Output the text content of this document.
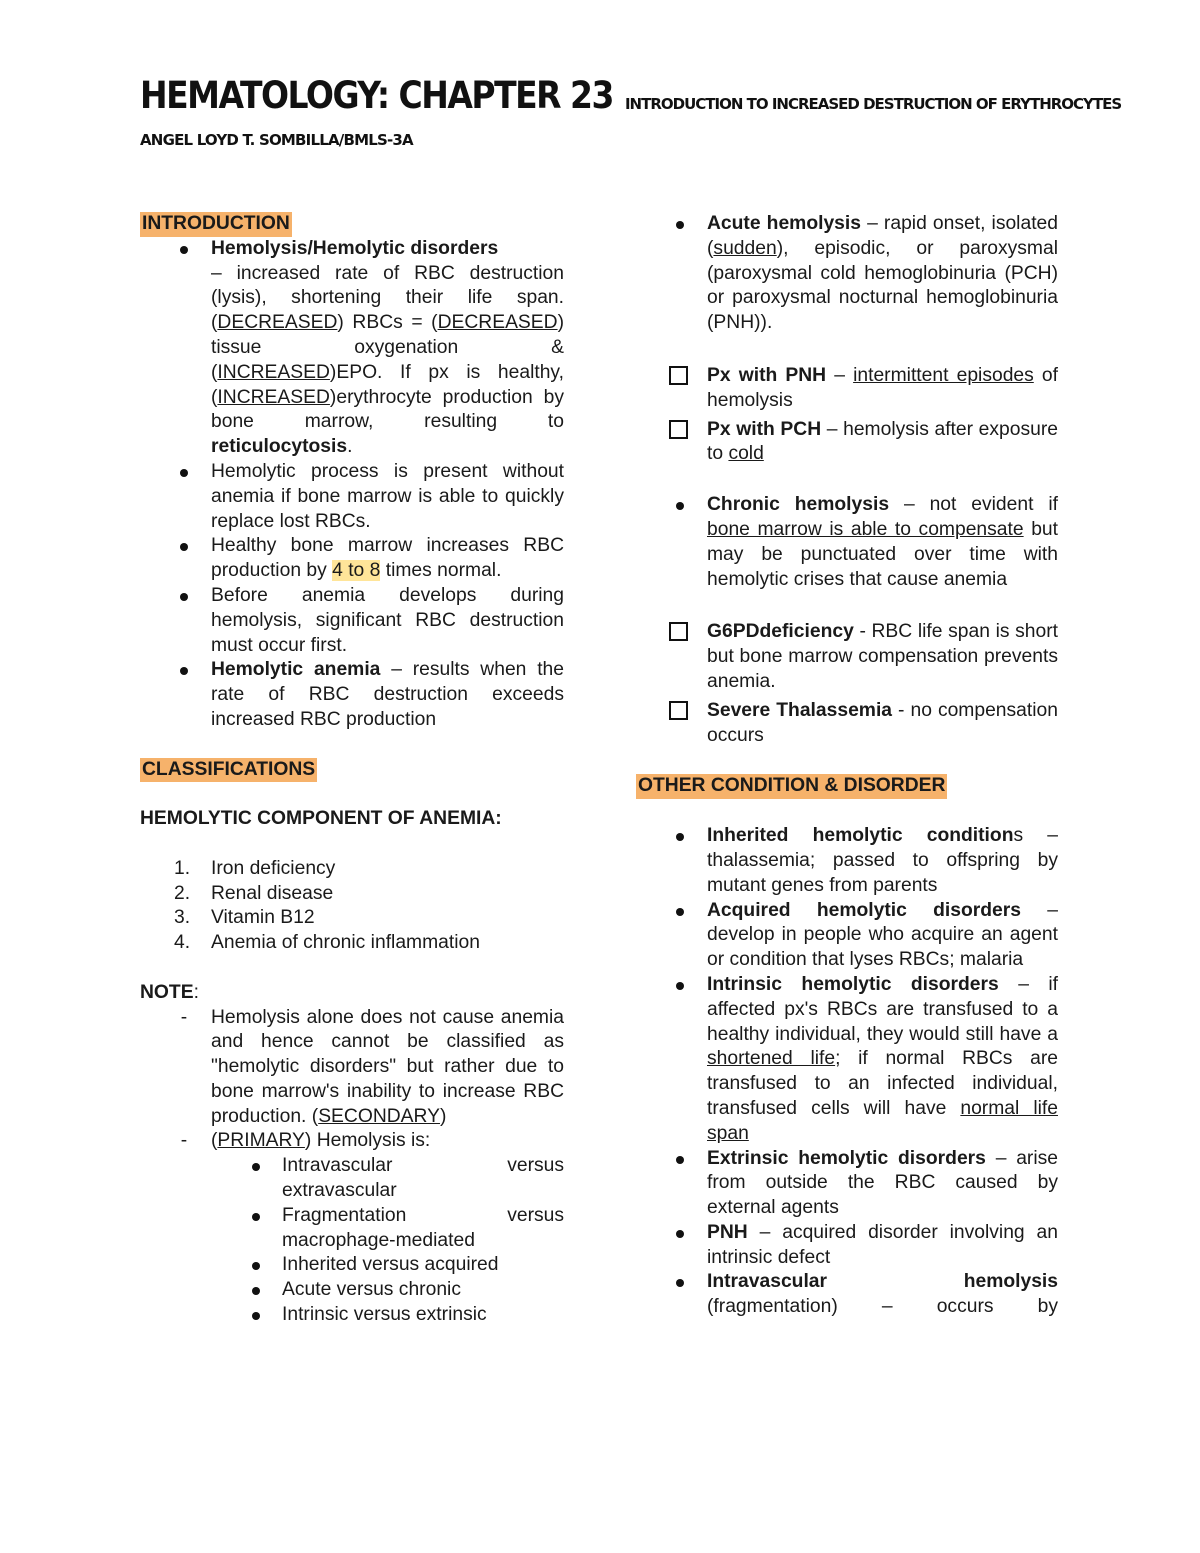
HEMATOLOGY: CHAPTER 23 INTRODUCTION TO INCREASED DESTRUCTION OF ERYTHROCYTES
ANGEL LOYD T. SOMBILLA/BMLS-3A
INTRODUCTION
Hemolysis/Hemolytic disorders
– increased rate of RBC destruction (lysis), shortening their life span. (DECREASED) RBCs = (DECREASED) tissue oxygenation & (INCREASED)EPO. If px is healthy, (INCREASED)erythrocyte production by bone marrow, resulting to reticulocytosis.
Hemolytic process is present without anemia if bone marrow is able to quickly replace lost RBCs.
Healthy bone marrow increases RBC production by 4 to 8 times normal.
Before anemia develops during hemolysis, significant RBC destruction must occur first.
Hemolytic anemia – results when the rate of RBC destruction exceeds increased RBC production
CLASSIFICATIONS
HEMOLYTIC COMPONENT OF ANEMIA:
1.	Iron deficiency
2.	Renal disease
3.	Vitamin B12
4.	Anemia of chronic inflammation
NOTE:
-	Hemolysis alone does not cause anemia and hence cannot be classified as "hemolytic disorders" but rather due to bone marrow's inability to increase RBC production. (SECONDARY)
-	(PRIMARY) Hemolysis is:
Intravascular versus extravascular
Fragmentation versus macrophage-mediated
Inherited versus acquired
Acute versus chronic
Intrinsic versus extrinsic
Acute hemolysis – rapid onset, isolated (sudden), episodic, or paroxysmal (paroxysmal cold hemoglobinuria (PCH) or paroxysmal nocturnal hemoglobinuria (PNH)).
Px with PNH – intermittent episodes of hemolysis
Px with PCH – hemolysis after exposure to cold
Chronic hemolysis – not evident if bone marrow is able to compensate but may be punctuated over time with hemolytic crises that cause anemia
G6PDdeficiency - RBC life span is short but bone marrow compensation prevents anemia.
Severe Thalassemia - no compensation occurs
OTHER CONDITION & DISORDER
Inherited hemolytic conditions – thalassemia; passed to offspring by mutant genes from parents
Acquired hemolytic disorders – develop in people who acquire an agent or condition that lyses RBCs; malaria
Intrinsic hemolytic disorders – if affected px's RBCs are transfused to a healthy individual, they would still have a shortened life; if normal RBCs are transfused to an infected individual, transfused cells will have normal life span
Extrinsic hemolytic disorders – arise from outside the RBC caused by external agents
PNH – acquired disorder involving an intrinsic defect
Intravascular hemolysis
(fragmentation) – occurs by
